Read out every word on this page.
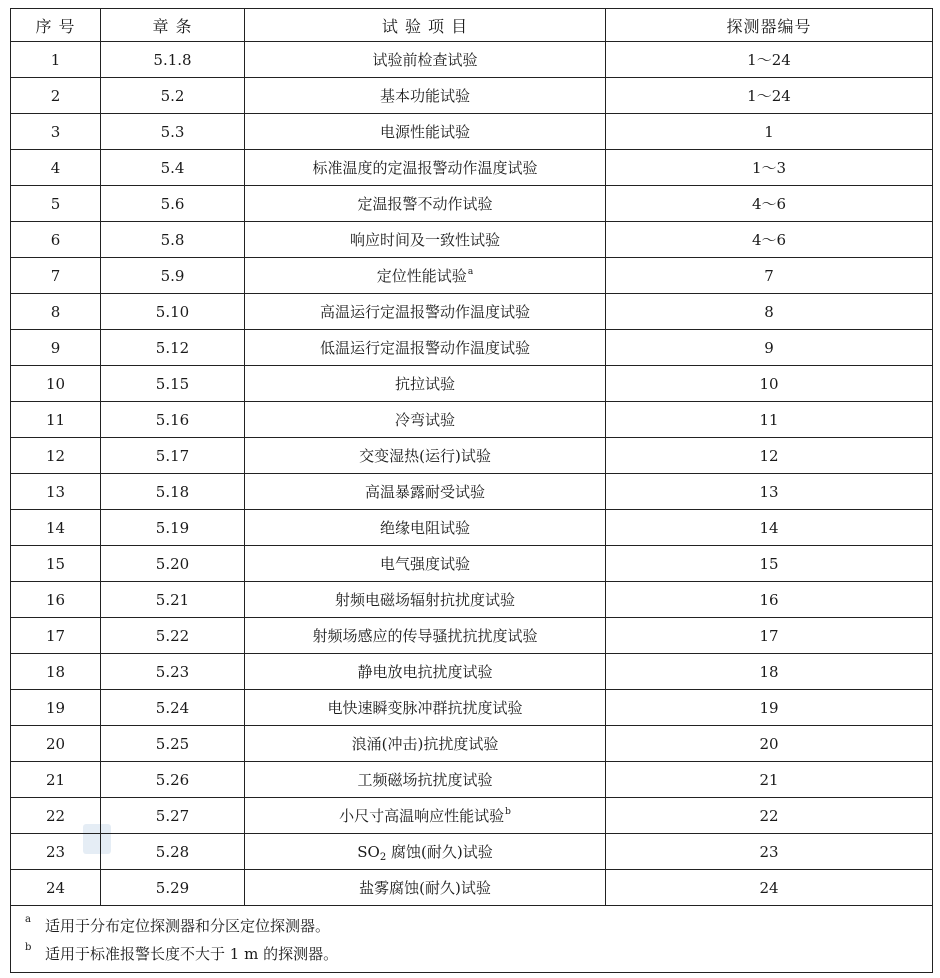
序 号	章 条	试 验 项 目	探测器编号
1	5.1.8	试验前检查试验	1～24
2	5.2	基本功能试验	1～24
3	5.3	电源性能试验	1
4	5.4	标准温度的定温报警动作温度试验	1～3
5	5.6	定温报警不动作试验	4～6
6	5.8	响应时间及一致性试验	4～6
7	5.9	定位性能试验$^a$	7
8	5.10	高温运行定温报警动作温度试验	8
9	5.12	低温运行定温报警动作温度试验	9
10	5.15	抗拉试验	10
11	5.16	冷弯试验	11
12	5.17	交变湿热(运行)试验	12
13	5.18	高温暴露耐受试验	13
14	5.19	绝缘电阻试验	14
15	5.20	电气强度试验	15
16	5.21	射频电磁场辐射抗扰度试验	16
17	5.22	射频场感应的传导骚扰抗扰度试验	17
18	5.23	静电放电抗扰度试验	18
19	5.24	电快速瞬变脉冲群抗扰度试验	19
20	5.25	浪涌(冲击)抗扰度试验	20
21	5.26	工频磁场抗扰度试验	21
22	5.27	小尺寸高温响应性能试验$^b$	22
23	5.28	$SO_2$ 腐蚀(耐久)试验	23
24	5.29	盐雾腐蚀(耐久)试验	24

a 适用于分布定位探测器和分区定位探测器。
b 适用于标准报警长度不大于 1 m 的探测器。			
